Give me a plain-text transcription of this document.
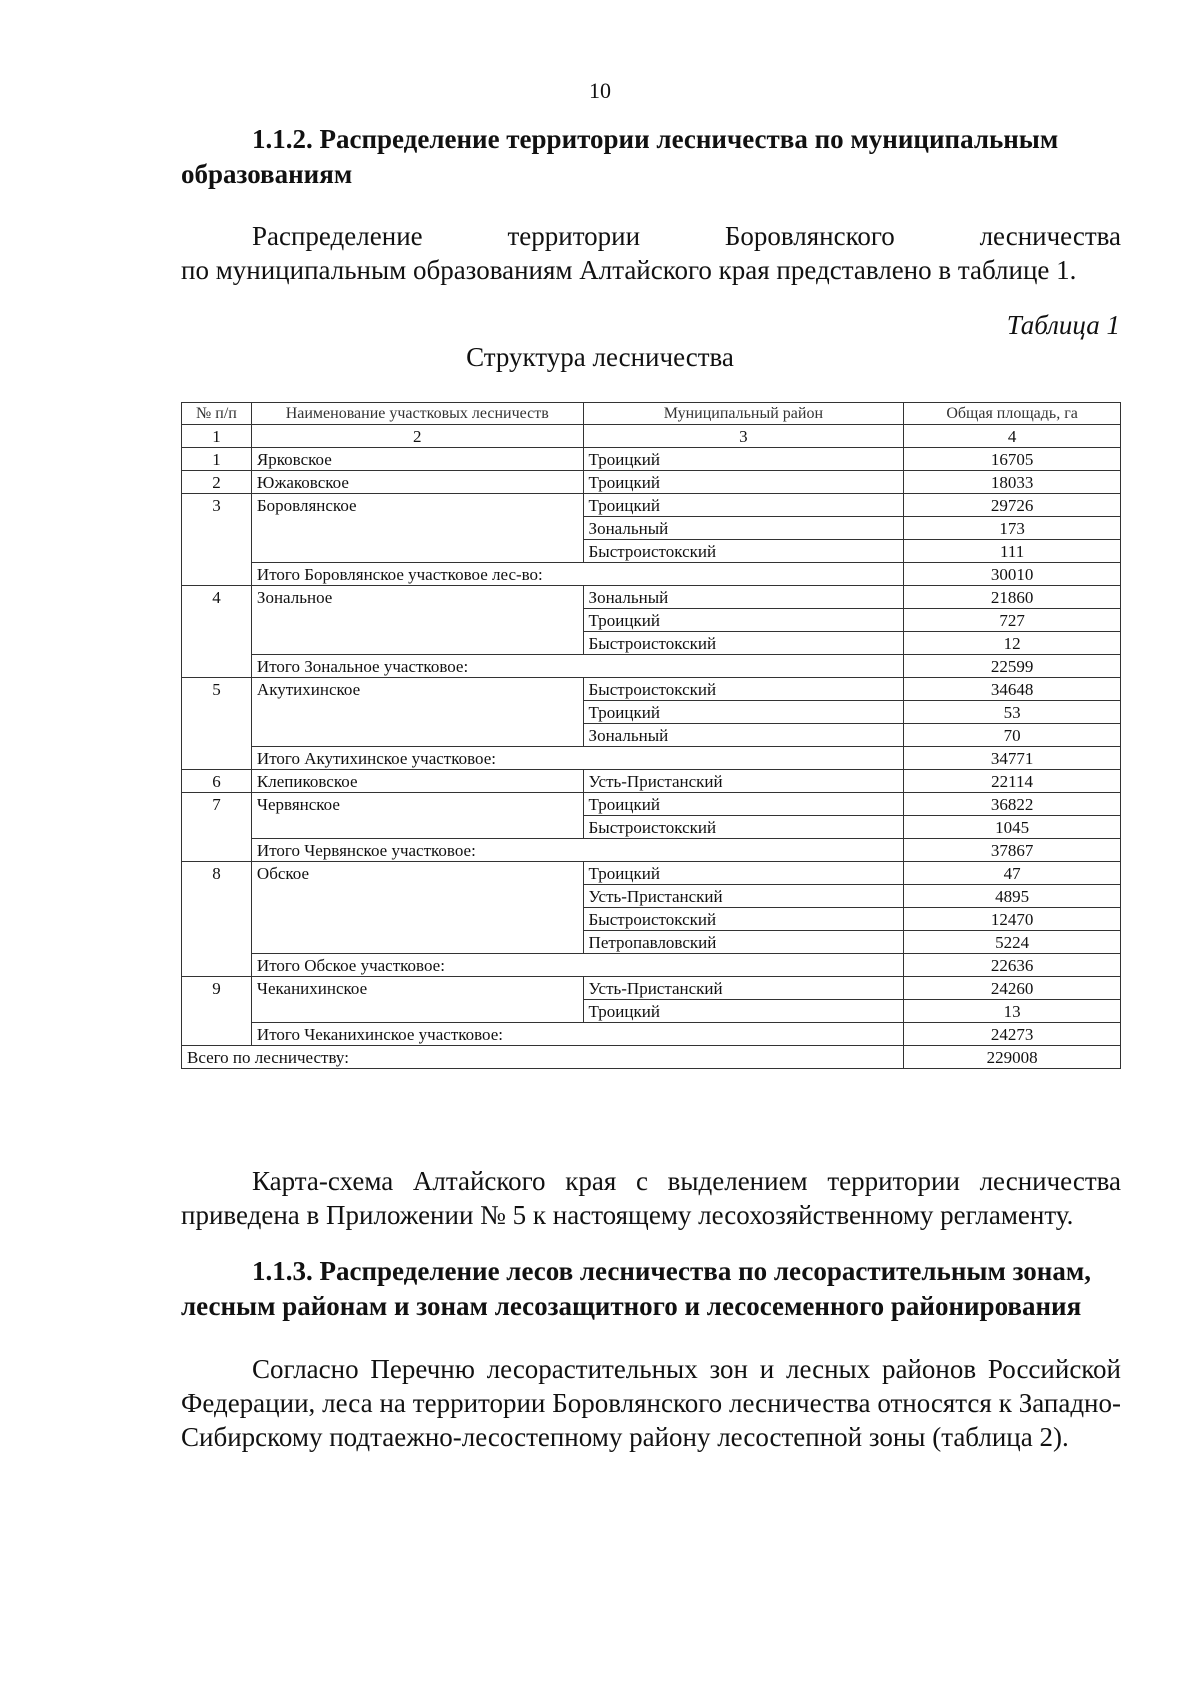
10
1.1.2. Распределение территории лесничества по муниципальным образованиям
Распределение территории Боровлянского лесничества
по муниципальным образованиям Алтайского края представлено в таблице 1.
Таблица 1
Структура лесничества
№ п/п	Наименование участковых лесничеств	Муниципальный район	Общая площадь, га
1	2	3	4
1	Ярковское	Троицкий	16705
2	Южаковское	Троицкий	18033
3	Боровлянское	Троицкий	29726
		Зональный	173
		Быстроистокский	111
	Итого Боровлянское участковое лес-во:		30010
4	Зональное	Зональный	21860
		Троицкий	727
		Быстроистокский	12
	Итого Зональное участковое:		22599
5	Акутихинское	Быстроистокский	34648
		Троицкий	53
		Зональный	70
	Итого Акутихинское участковое:		34771
6	Клепиковское	Усть-Пристанский	22114
7	Червянское	Троицкий	36822
		Быстроистокский	1045
	Итого Червянское участковое:		37867
8	Обское	Троицкий	47
		Усть-Пристанский	4895
		Быстроистокский	12470
		Петропавловский	5224
	Итого Обское участковое:		22636
9	Чеканихинское	Усть-Пристанский	24260
		Троицкий	13
	Итого Чеканихинское участковое:		24273
Всего по лесничеству:			229008
Карта-схема Алтайского края с выделением территории лесничества приведена в Приложении № 5 к настоящему лесохозяйственному регламенту.
1.1.3. Распределение лесов лесничества по лесорастительным зонам, лесным районам и зонам лесозащитного и лесосеменного районирования
Согласно Перечню лесорастительных зон и лесных районов Российской Федерации, леса на территории Боровлянского лесничества относятся к Западно-Сибирскому подтаежно-лесостепному району лесостепной зоны (таблица 2).
